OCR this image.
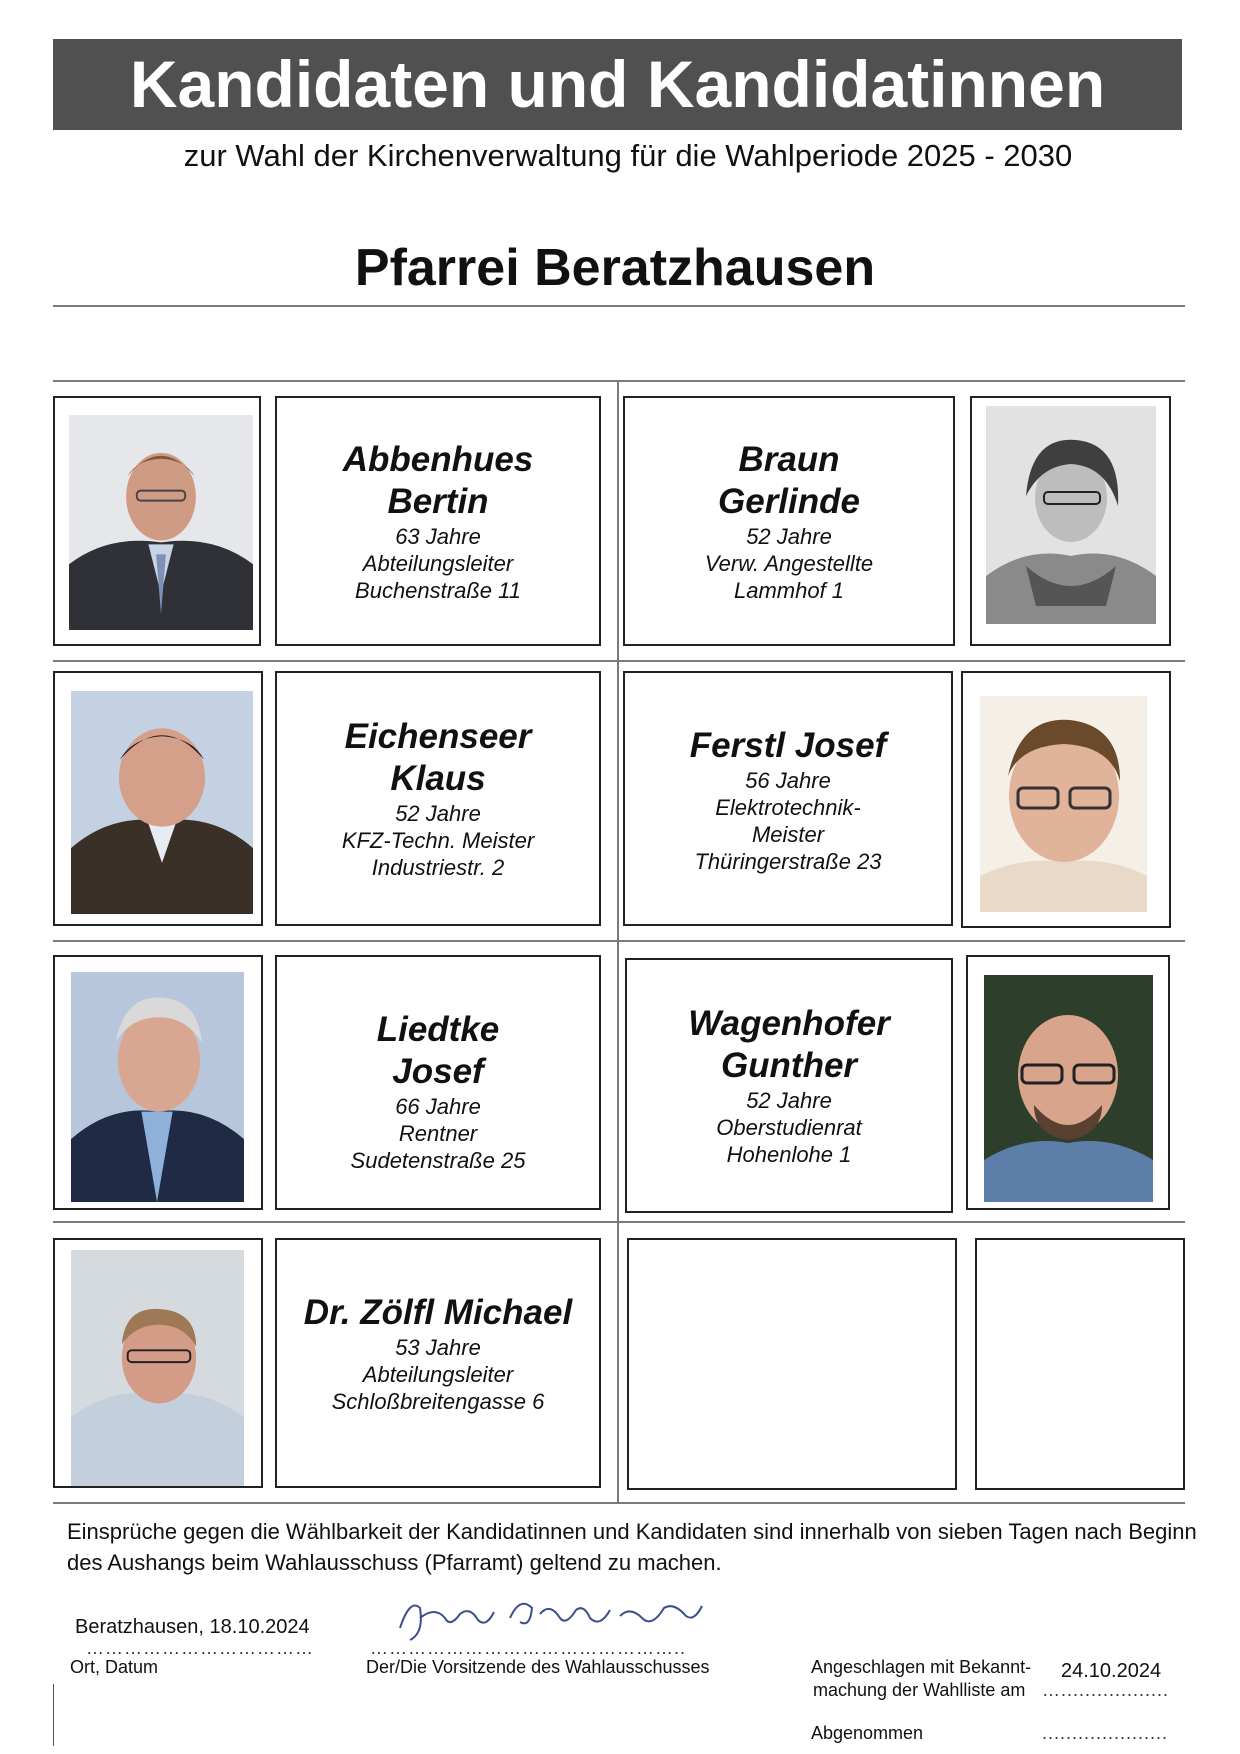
Kandidaten und Kandidatinnen
zur Wahl der Kirchenverwaltung für die Wahlperiode 2025 - 2030
Pfarrei Beratzhausen
Abbenhues Bertin
63 Jahre
Abteilungsleiter
Buchenstraße 11
Braun Gerlinde
52 Jahre
Verw. Angestellte
Lammhof 1
Eichenseer Klaus
52 Jahre
KFZ-Techn. Meister
Industriestr. 2
Ferstl Josef
56 Jahre
Elektrotechnik-Meister
Thüringerstraße 23
Liedtke Josef
66 Jahre
Rentner
Sudetenstraße 25
Wagenhofer Gunther
52 Jahre
Oberstudienrat
Hohenlohe 1
Dr. Zölfl Michael
53 Jahre
Abteilungsleiter
Schloßbreitengasse 6
Einsprüche gegen die Wählbarkeit der Kandidatinnen und Kandidaten sind innerhalb von sieben Tagen nach Beginn des Aushangs beim Wahlausschuss (Pfarramt) geltend zu machen.
Beratzhausen, 18.10.2024
………………………………
Ort, Datum
…………………………………………..
Der/Die Vorsitzende des Wahlausschusses	Angeschlagen mit Bekannt-
machung der Wahlliste am
24.10.2024
…..................
Abgenommen	.....................
